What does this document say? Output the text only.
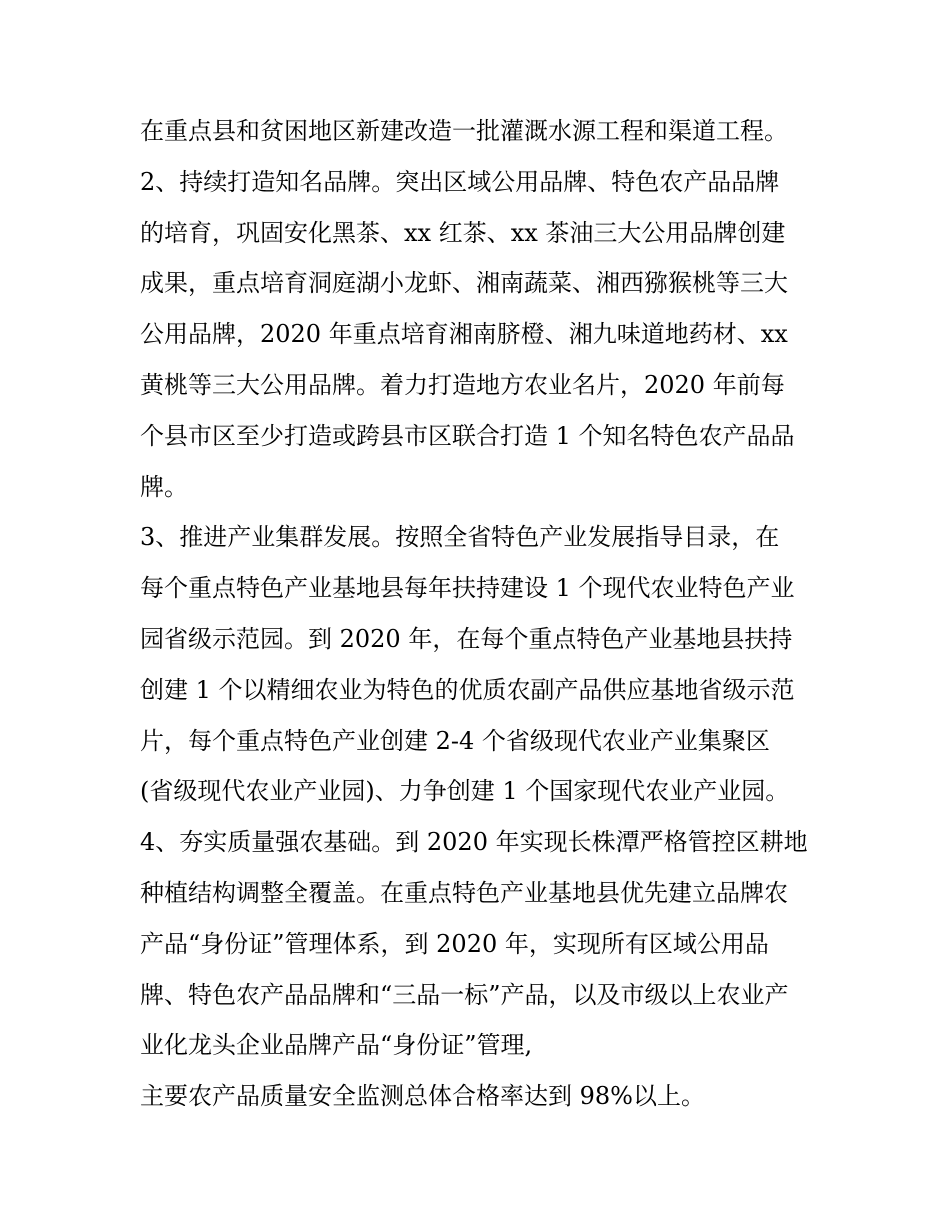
在重点县和贫困地区新建改造一批灌溉水源工程和渠道工程。
2、持续打造知名品牌。突出区域公用品牌、特色农产品品牌
的培育，巩固安化黑茶、xx 红茶、xx 茶油三大公用品牌创建
成果，重点培育洞庭湖小龙虾、湘南蔬菜、湘西猕猴桃等三大
公用品牌，2020 年重点培育湘南脐橙、湘九味道地药材、xx
黄桃等三大公用品牌。着力打造地方农业名片，2020 年前每
个县市区至少打造或跨县市区联合打造 1 个知名特色农产品品
牌。
3、推进产业集群发展。按照全省特色产业发展指导目录，在
每个重点特色产业基地县每年扶持建设 1 个现代农业特色产业
园省级示范园。到 2020 年，在每个重点特色产业基地县扶持
创建 1 个以精细农业为特色的优质农副产品供应基地省级示范
片，每个重点特色产业创建 2-4 个省级现代农业产业集聚区
(省级现代农业产业园)、力争创建 1 个国家现代农业产业园。
4、夯实质量强农基础。到 2020 年实现长株潭严格管控区耕地
种植结构调整全覆盖。在重点特色产业基地县优先建立品牌农
产品“身份证”管理体系，到 2020 年，实现所有区域公用品
牌、特色农产品品牌和“三品一标”产品，以及市级以上农业产
业化龙头企业品牌产品“身份证”管理,
主要农产品质量安全监测总体合格率达到 98%以上。
